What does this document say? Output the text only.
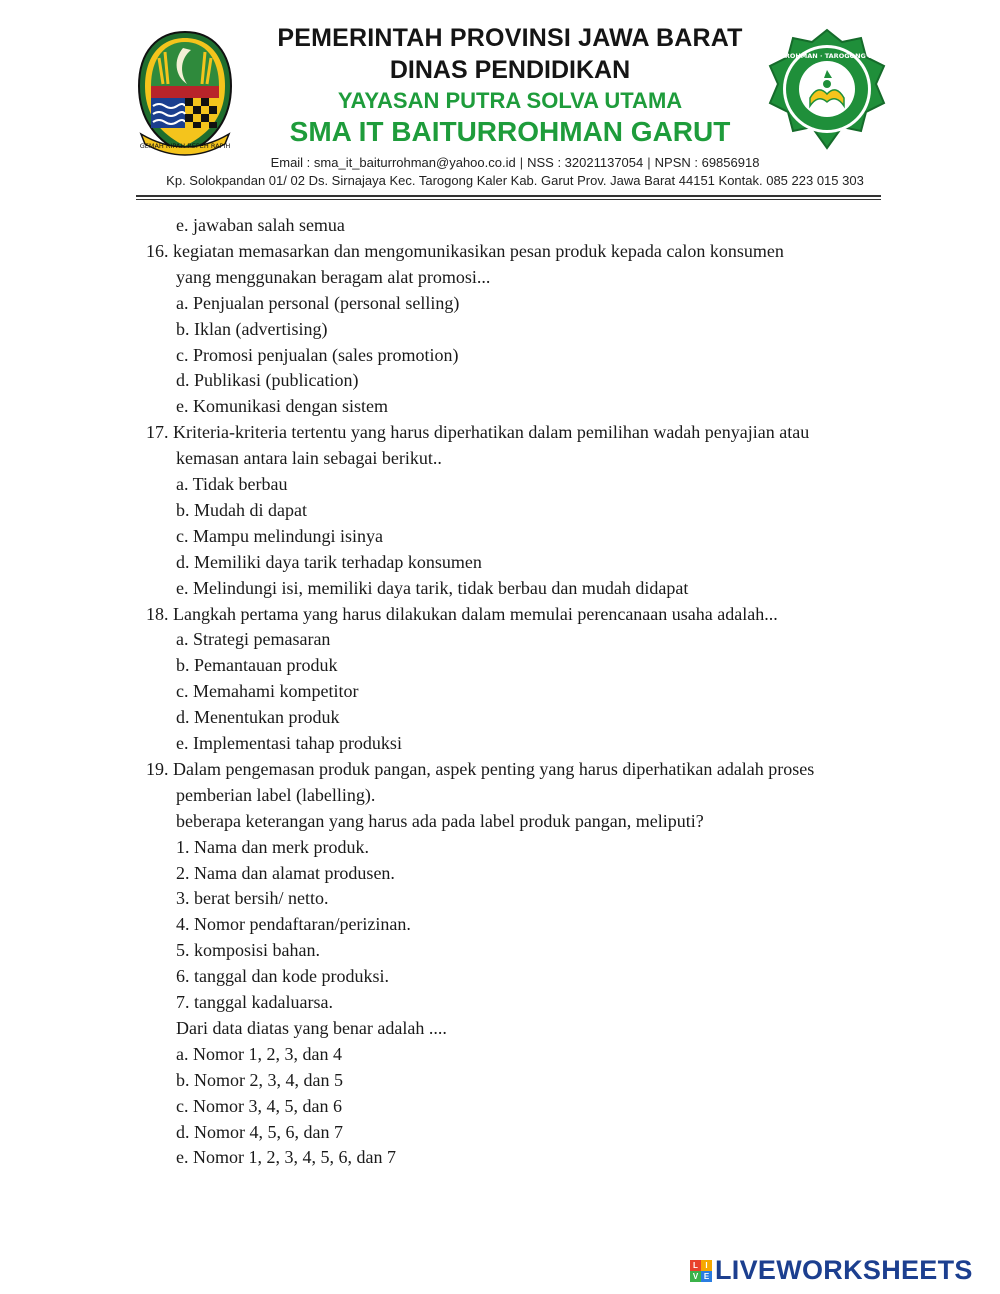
GEMAH RIPAH REPEH RAPIH
PEMERINTAH PROVINSI JAWA BARAT
DINAS PENDIDIKAN
YAYASAN PUTRA SOLVA UTAMA
SMA IT BAITURROHMAN GARUT
SMA IT BAITURROHMAN · TAROGONG KALER · GARUT
Email : sma_it_baiturrohman@yahoo.co.id | NSS : 32021137054 | NPSN : 69856918
Kp. Solokpandan 01/ 02 Ds. Sirnajaya Kec. Tarogong Kaler Kab. Garut Prov. Jawa Barat 44151 Kontak. 085 223 015 303
e. jawaban salah semua
16. kegiatan memasarkan dan mengomunikasikan pesan produk kepada calon konsumen
yang menggunakan beragam alat promosi...
a. Penjualan personal (personal selling)
b. Iklan (advertising)
c. Promosi penjualan (sales promotion)
d. Publikasi (publication)
e. Komunikasi dengan sistem
17. Kriteria-kriteria tertentu yang harus diperhatikan dalam pemilihan wadah penyajian atau
kemasan antara lain sebagai berikut..
a. Tidak berbau
b. Mudah di dapat
c. Mampu melindungi isinya
d. Memiliki daya tarik terhadap konsumen
e. Melindungi isi, memiliki daya tarik, tidak berbau dan mudah didapat
18. Langkah pertama yang harus dilakukan dalam memulai perencanaan usaha adalah...
a. Strategi pemasaran
b. Pemantauan produk
c. Memahami kompetitor
d. Menentukan produk
e. Implementasi tahap produksi
19. Dalam pengemasan produk pangan, aspek penting yang harus diperhatikan adalah proses
pemberian label (labelling).
beberapa keterangan yang harus ada pada label produk pangan, meliputi?
1. Nama dan merk produk.
2. Nama dan alamat produsen.
3. berat bersih/ netto.
4. Nomor pendaftaran/perizinan.
5. komposisi bahan.
6. tanggal dan kode produksi.
7. tanggal kadaluarsa.
Dari data diatas yang benar adalah ....
a. Nomor 1, 2, 3, dan 4
b. Nomor 2, 3, 4, dan 5
c. Nomor 3, 4, 5, dan 6
d. Nomor 4, 5, 6, dan 7
e. Nomor 1, 2, 3, 4, 5, 6, dan 7
L I
V E LIVEWORKSHEETS
